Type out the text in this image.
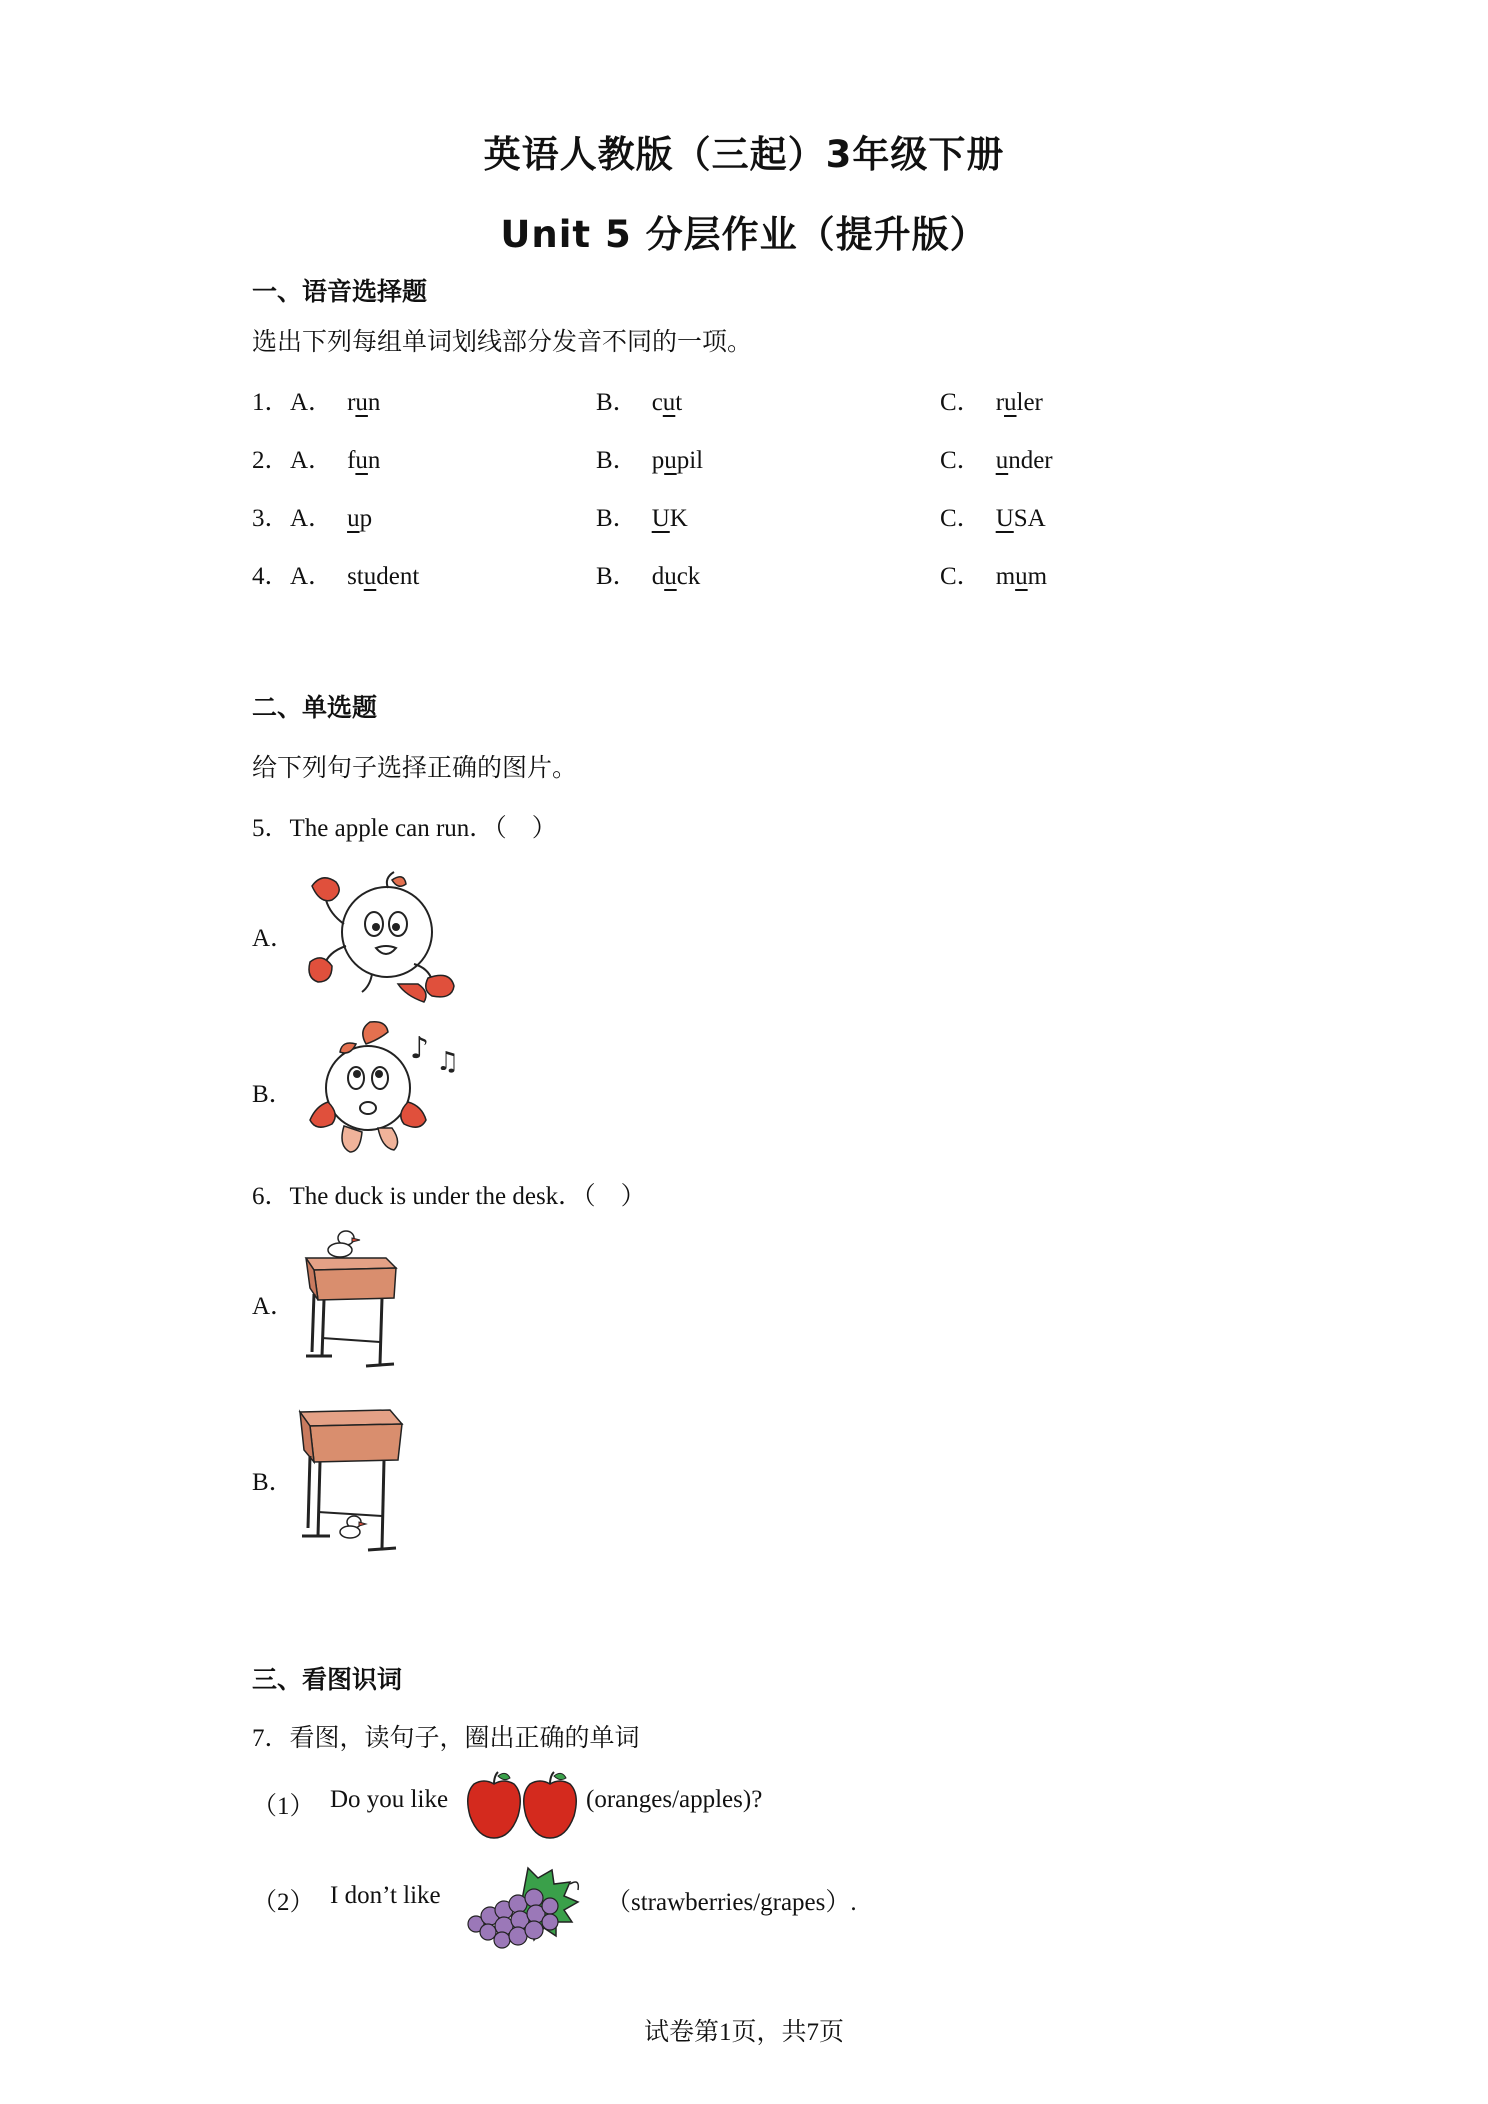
英语人教版（三起）3年级下册
Unit 5 分层作业（提升版）
一、语音选择题
选出下列每组单词划线部分发音不同的一项。
1． A． run	B． cut	C． ruler
2． A． fun	B． pupil	C． under
3． A． up	B． UK	C． USA
4． A． student	B． duck	C． mum
二、单选题
给下列句子选择正确的图片。
5．The apple can run．（　）
A．
B．
♪ ♫
6．The duck is under the desk．（　）
A．
B．
三、看图识词
7．看图，读句子，圈出正确的单词
（1） Do you like	(oranges/apples)?
（2） I don’t like	（strawberries/grapes）.
试卷第1页，共7页
